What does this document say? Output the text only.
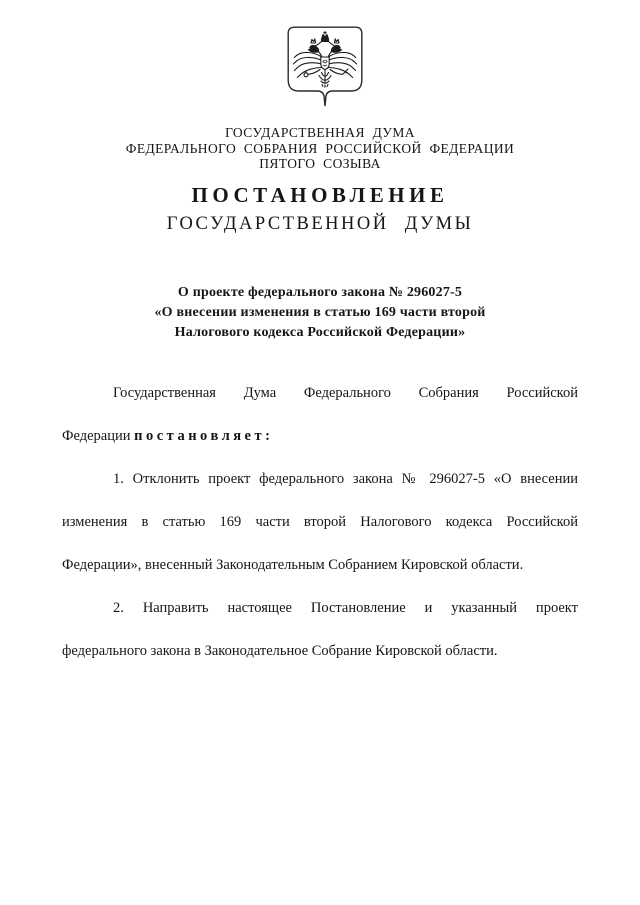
ГОСУДАРСТВЕННАЯ ДУМА
ФЕДЕРАЛЬНОГО СОБРАНИЯ РОССИЙСКОЙ ФЕДЕРАЦИИ
ПЯТОГО СОЗЫВА
ПОСТАНОВЛЕНИЕ
ГОСУДАРСТВЕННОЙ ДУМЫ
О проекте федерального закона № 296027-5
«О внесении изменения в статью 169 части второй
Налогового кодекса Российской Федерации»
Государственная Дума Федерального Собрания Российской
Федерации постановляет:
1. Отклонить проект федерального закона № 296027-5 «О внесении
изменения в статью 169 части второй Налогового кодекса Российской
Федерации», внесенный Законодательным Собранием Кировской области.
2. Направить настоящее Постановление и указанный проект
федерального закона в Законодательное Собрание Кировской области.
